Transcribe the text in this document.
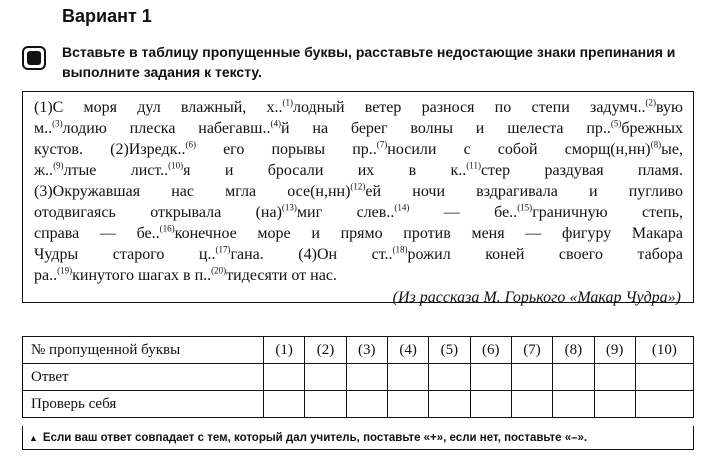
Вариант 1
Вставьте в таблицу пропущенные буквы, расставьте недостающие знаки препинания и выполните задания к тексту.
(1)С моря дул влажный, х..$^{(1)}$лодный ветер разнося по степи задумч..$^{(2)}$вую
м..$^{(3)}$лодию плеска набегавш..$^{(4)}$й на берег волны и шелеста пр..$^{(5)}$брежных
кустов. (2)Изредк..$^{(6)}$ его порывы пр..$^{(7)}$носили с собой $сморщ(н,нн)^{(8)}ые$,
ж..$^{(9)}$лтые лист..$^{(10)}$я и бросали их в к..$^{(11)}$стер раздувая пламя.
(3)Окружавшая нас мгла $осе(н,нн)^{(12)}ей$ ночи вздрагивала и пугливо
отодвигаясь открывала (на)$^{(13)}$миг слев..$^{(14)}$ — бе..$^{(15)}$граничную степь,
справа — бе..$^{(16)}$конечное море и прямо против меня — фигуру Макара
Чудры старого ц..$^{(17)}$гана. (4)Он ст..$^{(18)}$рожил коней своего табора
ра..$^{(19)}$кинутого шагах в п..$^{(20)}$тидесяти от нас.
(Из рассказа М. Горького «Макар Чудра»)
№ пропущенной буквы	(1)	(2)	(3)	(4)	(5)	(6)	(7)	(8)	(9)	(10)
Ответ										
Проверь себя										
▲ Если ваш ответ совпадает с тем, который дал учитель, поставьте «+», если нет, поставьте «–».
